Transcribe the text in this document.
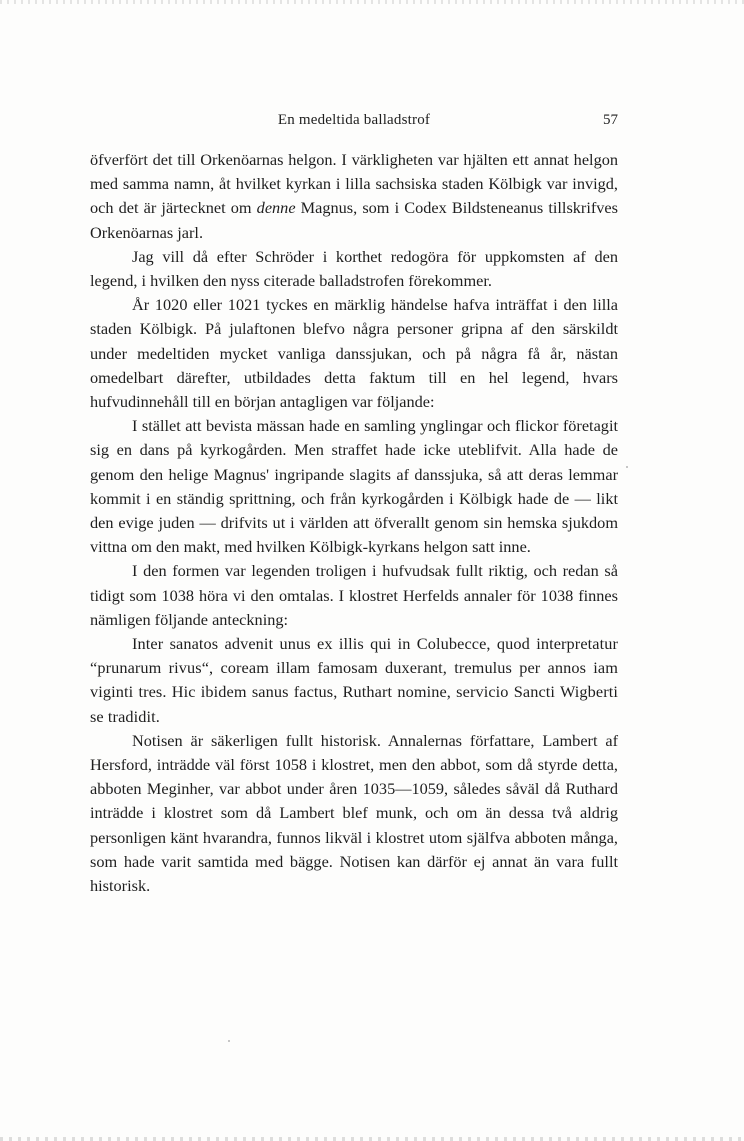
En medeltida balladstrof	57

öfverfört det till Orkenöarnas helgon. I värkligheten var hjälten ett annat helgon med samma namn, åt hvilket kyrkan i lilla sachsiska staden Kölbigk var invigd, och det är järtecknet om denne Magnus, som i Codex Bildsteneanus tillskrifves Orkenöarnas jarl.

Jag vill då efter Schröder i korthet redogöra för uppkomsten af den legend, i hvilken den nyss citerade balladstrofen förekommer.

År 1020 eller 1021 tyckes en märklig händelse hafva inträffat i den lilla staden Kölbigk. På julaftonen blefvo några personer gripna af den särskildt under medeltiden mycket vanliga danssjukan, och på några få år, nästan omedelbart därefter, utbildades detta faktum till en hel legend, hvars hufvudinnehåll till en början antagligen var följande:

I stället att bevista mässan hade en samling ynglingar och flickor företagit sig en dans på kyrkogården. Men straffet hade icke uteblifvit. Alla hade de genom den helige Magnus' ingripande slagits af danssjuka, så att deras lemmar kommit i en ständig sprittning, och från kyrkogården i Kölbigk hade de — likt den evige juden — drifvits ut i världen att öfverallt genom sin hemska sjukdom vittna om den makt, med hvilken Kölbigk-kyrkans helgon satt inne.

I den formen var legenden troligen i hufvudsak fullt riktig, och redan så tidigt som 1038 höra vi den omtalas. I klostret Herfelds annaler för 1038 finnes nämligen följande anteckning:

Inter sanatos advenit unus ex illis qui in Colubecce, quod interpretatur “prunarum rivus“, coream illam famosam duxerant, tremulus per annos iam viginti tres. Hic ibidem sanus factus, Ruthart nomine, servicio Sancti Wigberti se tradidit.

Notisen är säkerligen fullt historisk. Annalernas författare, Lambert af Hersford, inträdde väl först 1058 i klostret, men den abbot, som då styrde detta, abboten Meginher, var abbot under åren 1035—1059, således såväl då Ruthard inträdde i klostret som då Lambert blef munk, och om än dessa två aldrig personligen känt hvarandra, funnos likväl i klostret utom själfva abboten många, som hade varit samtida med bägge. Notisen kan därför ej annat än vara fullt historisk.
